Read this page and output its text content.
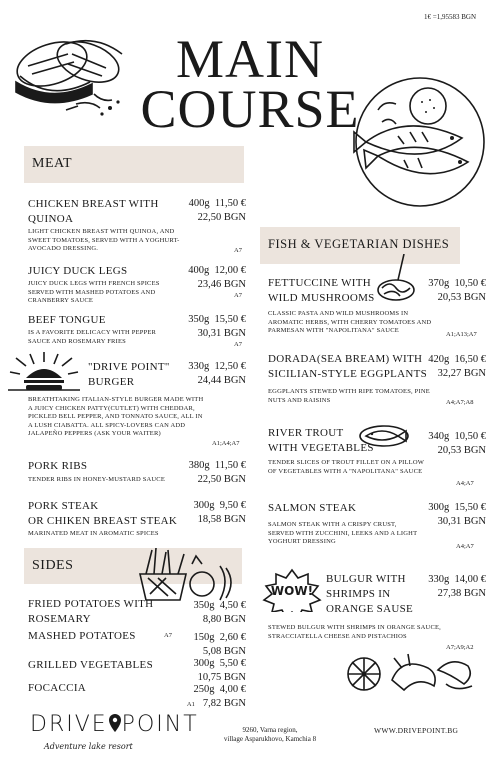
1€ =1,95583 BGN
MAIN
COURSE
MEAT
CHICKEN BREAST WITH
QUINOA
400g 11,50 €
22,50 BGN
LIGHT CHICKEN BREAST WITH QUINOA, AND SWEET TOMATOES, SERVED WITH A YOGHURT-AVOCADO DRESSING.	A7
JUICY DUCK LEGS	400g 12,00 €
23,46 BGN
JUICY DUCK LEGS WITH FRENCH SPICES SERVED WITH MASHED POTATOES AND CRANBERRY SAUCE
A7
BEEF TONGUE	350g 15,50 €
30,31 BGN
IS A FAVORITE DELICACY WITH PEPPER SAUCE AND ROSEMARY FRIES	A7
"DRIVE POINT"
BURGER
330g 12,50 €
24,44 BGN
BREATHTAKING ITALIAN-STYLE BURGER MADE WITH A JUICY CHICKEN PATTY(CUTLET) WITH CHEDDAR, PICKLED BELL PEPPER, AND TONNATO SAUCE, ALL IN A LUSH CIABATTA. ALL SPICY-LOVERS CAN ADD JALAPEÑO PEPPERS (ASK YOUR WAITER)
A1;A4;A7
PORK RIBS	380g 11,50 €
22,50 BGN
TENDER RIBS IN HONEY-MUSTARD SAUCE
PORK STEAK
OR CHIKEN BREAST STEAK
300g 9,50 €
18,58 BGN
MARINATED MEAT IN AROMATIC SPICES
SIDES
FRIED POTATOES WITH
ROSEMARY
350g 4,50 €
8,80 BGN
MASHED POTATOES	A7 150g 2,60 €
5,08 BGN
GRILLED VEGETABLES	300g 5,50 €
10,75 BGN
FOCACCIA	250g 4,00 €
A1 7,82 BGN
FISH & VEGETARIAN DISHES
FETTUCCINE WITH
WILD MUSHROOMS
370g 10,50 €
20,53 BGN
CLASSIC PASTA AND WILD MUSHROOMS IN AROMATIC HERBS, WITH CHERRY TOMATOES AND PARMESAN WITH "NAPOLITANA" SAUCE
A1;A13;A7
DORADA(SEA BREAM) WITH
SICILIAN-STYLE EGGPLANTS
420g 16,50 €
32,27 BGN
EGGPLANTS STEWED WITH RIPE TOMATOES, PINE NUTS AND RAISINS	A4;A7;A8
RIVER TROUT
WITH VEGETABLES
340g 10,50 €
20,53 BGN
TENDER SLICES OF TROUT FILLET ON A PILLOW OF VEGETABLES WITH A "NAPOLITANA" SAUCE
A4;A7
SALMON STEAK	300g 15,50 €
30,31 BGN
SALMON STEAK WITH A CRISPY CRUST, SERVED WITH ZUCCHINI, LEEKS AND A LIGHT YOGHURT DRESSING
A4;A7
WOW!
BULGUR WITH
SHRIMPS IN
ORANGE SAUSE
330g 14,00 €
27,38 BGN
STEWED BULGUR WITH SHRIMPS IN ORANGE SAUCE, STRACCIATELLA CHEESE AND PISTACHIOS
A7;A9;A2
DRIVE POINT
Adventure lake resort
9260, Varna region,
village Asparukhovo, Kamchia 8
WWW.DRIVEPOINT.BG
